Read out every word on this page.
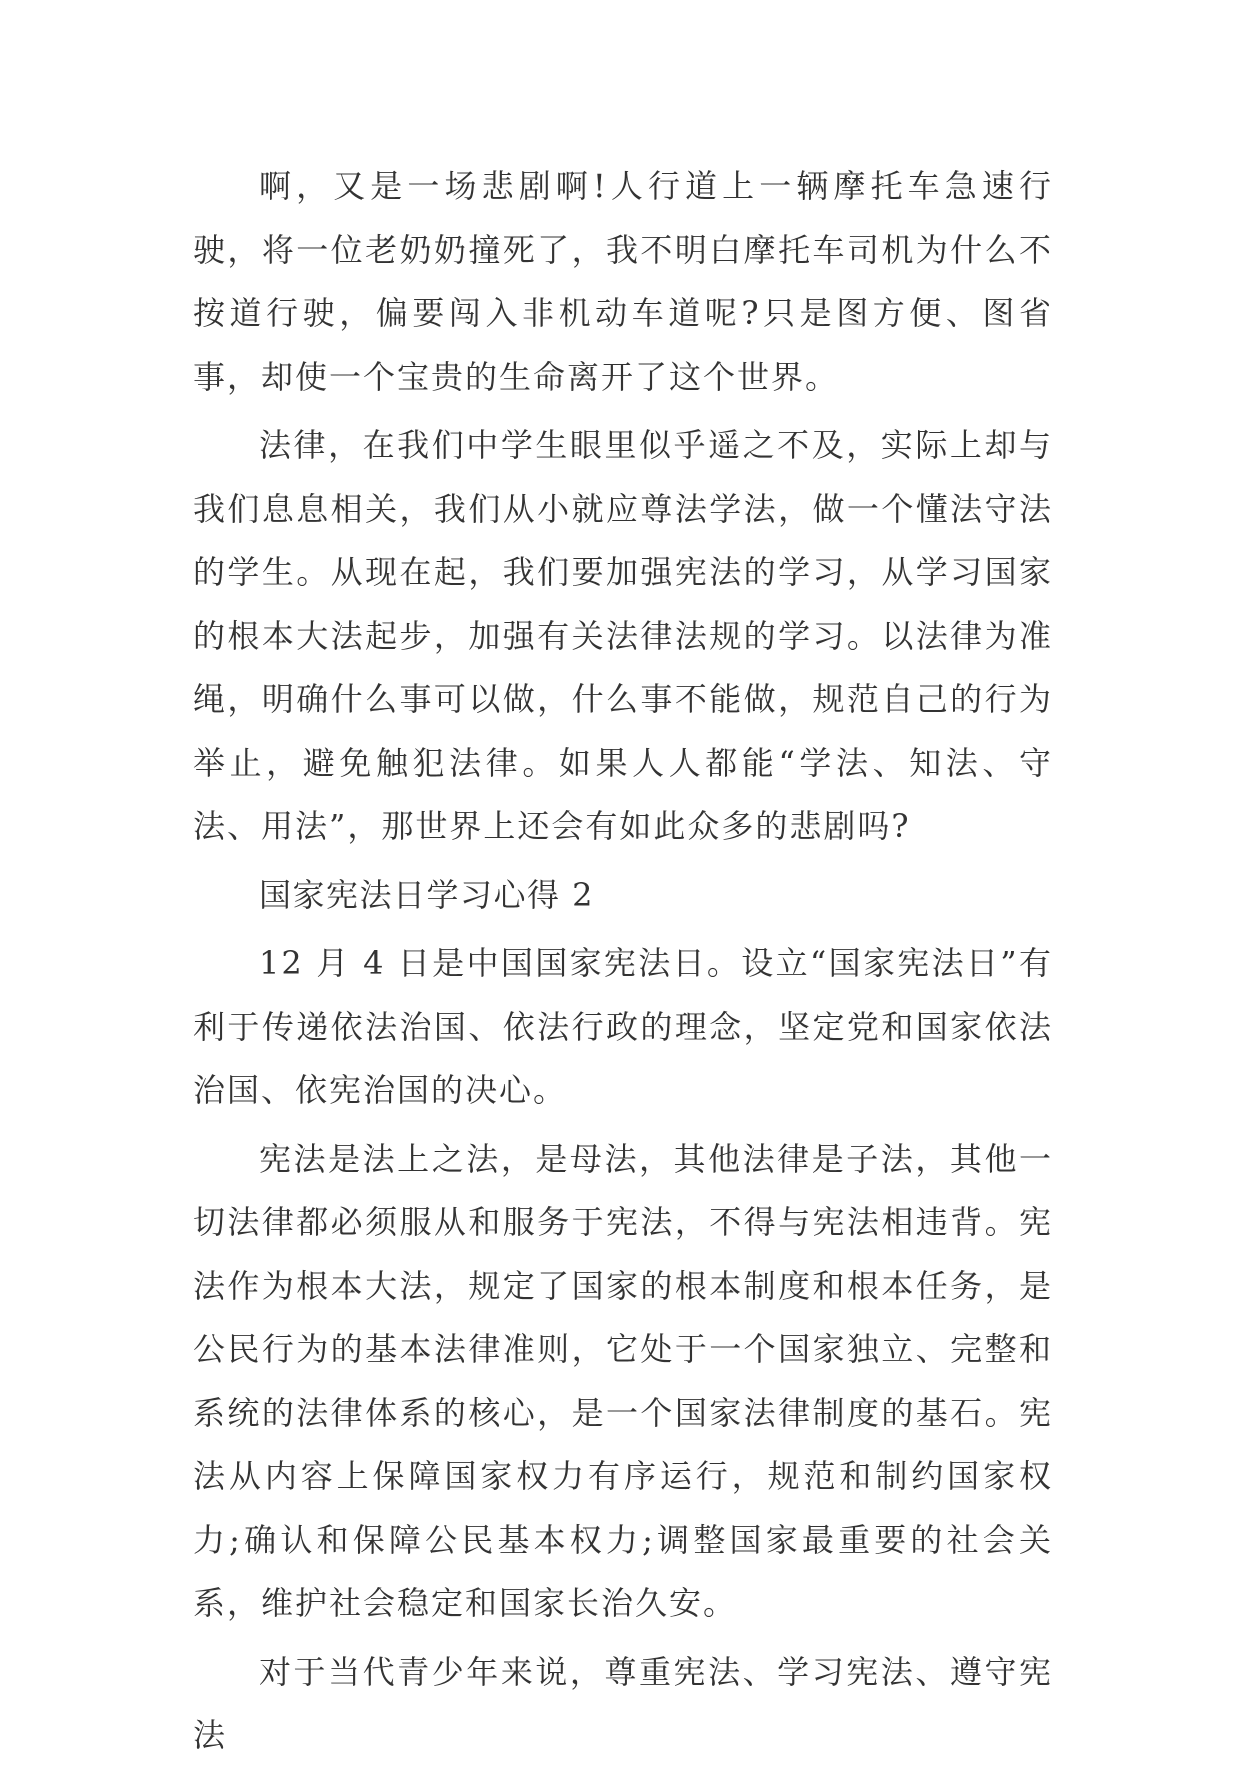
啊，又是一场悲剧啊!人行道上一辆摩托车急速行驶，将一位老奶奶撞死了，我不明白摩托车司机为什么不按道行驶，偏要闯入非机动车道呢?只是图方便、图省事，却使一个宝贵的生命离开了这个世界。

法律，在我们中学生眼里似乎遥之不及，实际上却与我们息息相关，我们从小就应尊法学法，做一个懂法守法的学生。从现在起，我们要加强宪法的学习，从学习国家的根本大法起步，加强有关法律法规的学习。以法律为准绳，明确什么事可以做，什么事不能做，规范自己的行为举止，避免触犯法律。如果人人都能“学法、知法、守法、用法”，那世界上还会有如此众多的悲剧吗?

国家宪法日学习心得 2

12 月 4 日是中国国家宪法日。设立“国家宪法日”有利于传递依法治国、依法行政的理念，坚定党和国家依法治国、依宪治国的决心。

宪法是法上之法，是母法，其他法律是子法，其他一切法律都必须服从和服务于宪法，不得与宪法相违背。宪法作为根本大法，规定了国家的根本制度和根本任务，是公民行为的基本法律准则，它处于一个国家独立、完整和系统的法律体系的核心，是一个国家法律制度的基石。宪法从内容上保障国家权力有序运行，规范和制约国家权力;确认和保障公民基本权力;调整国家最重要的社会关系，维护社会稳定和国家长治久安。

对于当代青少年来说，尊重宪法、学习宪法、遵守宪法
